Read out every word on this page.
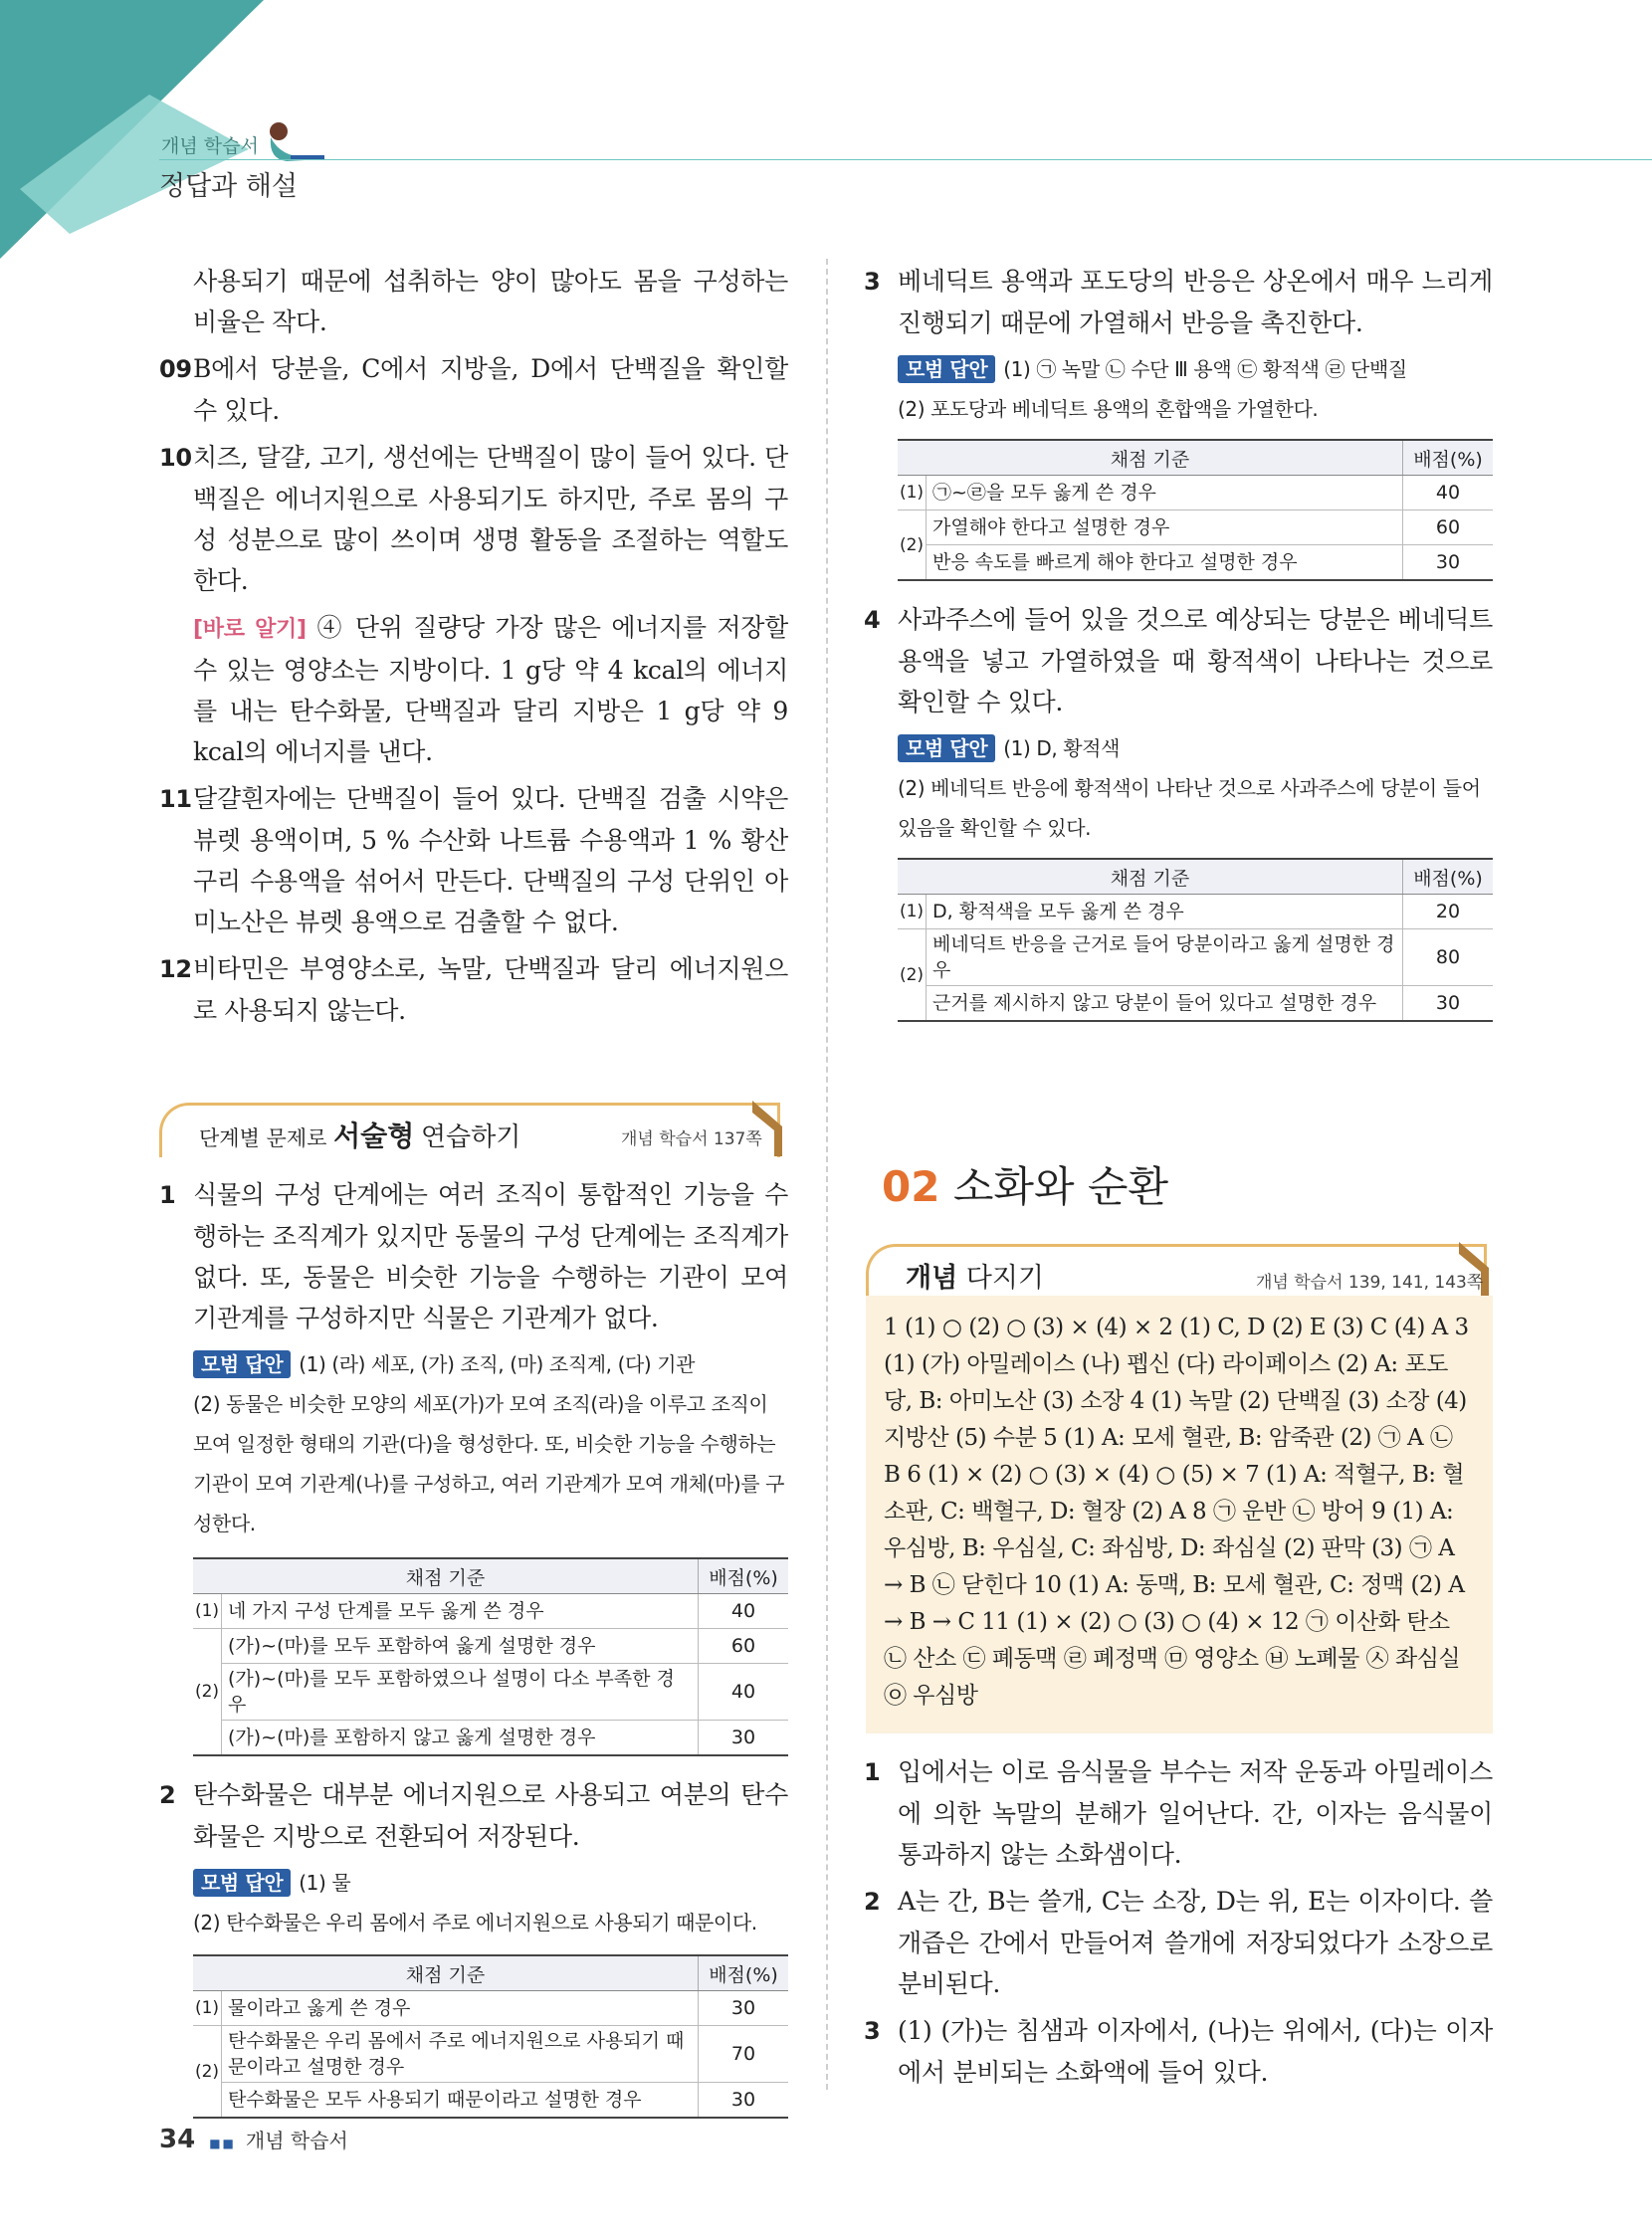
개념 학습서
정답과 해설

사용되기 때문에 섭취하는 양이 많아도 몸을 구성하는 비율은 작다.

09B에서 당분을, C에서 지방을, D에서 단백질을 확인할 수 있다.

10치즈, 달걀, 고기, 생선에는 단백질이 많이 들어 있다. 단백질은 에너지원으로 사용되기도 하지만, 주로 몸의 구성 성분으로 많이 쓰이며 생명 활동을 조절하는 역할도 한다.

[바로 알기] ④ 단위 질량당 가장 많은 에너지를 저장할 수 있는 영양소는 지방이다. 1 g당 약 4 kcal의 에너지를 내는 탄수화물, 단백질과 달리 지방은 1 g당 약 9 kcal의 에너지를 낸다.

11달걀흰자에는 단백질이 들어 있다. 단백질 검출 시약은 뷰렛 용액이며, 5 % 수산화 나트륨 수용액과 1 % 황산 구리 수용액을 섞어서 만든다. 단백질의 구성 단위인 아미노산은 뷰렛 용액으로 검출할 수 없다.

12비타민은 부영양소로, 녹말, 단백질과 달리 에너지원으로 사용되지 않는다.

단계별 문제로 서술형 연습하기	개념 학습서 137쪽

1 식물의 구성 단계에는 여러 조직이 통합적인 기능을 수행하는 조직계가 있지만 동물의 구성 단계에는 조직계가 없다. 또, 동물은 비슷한 기능을 수행하는 기관이 모여 기관계를 구성하지만 식물은 기관계가 없다.

모범 답안 (1) (라) 세포, (가) 조직, (마) 조직계, (다) 기관

(2) 동물은 비슷한 모양의 세포(가)가 모여 조직(라)을 이루고 조직이 모여 일정한 형태의 기관(다)을 형성한다. 또, 비슷한 기능을 수행하는 기관이 모여 기관계(나)를 구성하고, 여러 기관계가 모여 개체(마)를 구성한다.

채점 기준		배점(%)
(1)	네 가지 구성 단계를 모두 옳게 쓴 경우	40
(2)	(가)~(마)를 모두 포함하여 옳게 설명한 경우	60
	(가)~(마)를 모두 포함하였으나 설명이 다소 부족한 경우	40
	(가)~(마)를 포함하지 않고 옳게 설명한 경우	30

2 탄수화물은 대부분 에너지원으로 사용되고 여분의 탄수화물은 지방으로 전환되어 저장된다.

모범 답안 (1) 물

(2) 탄수화물은 우리 몸에서 주로 에너지원으로 사용되기 때문이다.

채점 기준		배점(%)
(1)	물이라고 옳게 쓴 경우	30
(2)	탄수화물은 우리 몸에서 주로 에너지원으로 사용되기 때문이라고 설명한 경우	70
	탄수화물은 모두 사용되기 때문이라고 설명한 경우	30

3 베네딕트 용액과 포도당의 반응은 상온에서 매우 느리게 진행되기 때문에 가열해서 반응을 촉진한다.

모범 답안 (1) ㉠ 녹말 ㉡ 수단 Ⅲ 용액 ㉢ 황적색 ㉣ 단백질

(2) 포도당과 베네딕트 용액의 혼합액을 가열한다.

채점 기준		배점(%)
(1)	㉠~㉣을 모두 옳게 쓴 경우	40
(2)	가열해야 한다고 설명한 경우	60
	반응 속도를 빠르게 해야 한다고 설명한 경우	30

4 사과주스에 들어 있을 것으로 예상되는 당분은 베네딕트 용액을 넣고 가열하였을 때 황적색이 나타나는 것으로 확인할 수 있다.

모범 답안 (1) D, 황적색

(2) 베네딕트 반응에 황적색이 나타난 것으로 사과주스에 당분이 들어 있음을 확인할 수 있다.

채점 기준		배점(%)
(1)	D, 황적색을 모두 옳게 쓴 경우	20
(2)	베네딕트 반응을 근거로 들어 당분이라고 옳게 설명한 경우	80
	근거를 제시하지 않고 당분이 들어 있다고 설명한 경우	30
02 소화와 순환
개념 다지기	개념 학습서 139, 141, 143쪽
1 (1) ○ (2) ○ (3) × (4) × 2 (1) C, D (2) E (3) C (4) A 3 (1) (가) 아밀레이스 (나) 펩신 (다) 라이페이스 (2) A: 포도당, B: 아미노산 (3) 소장 4 (1) 녹말 (2) 단백질 (3) 소장 (4) 지방산 (5) 수분 5 (1) A: 모세 혈관, B: 암죽관 (2) ㉠ A ㉡ B 6 (1) × (2) ○ (3) × (4) ○ (5) × 7 (1) A: 적혈구, B: 혈소판, C: 백혈구, D: 혈장 (2) A 8 ㉠ 운반 ㉡ 방어 9 (1) A: 우심방, B: 우심실, C: 좌심방, D: 좌심실 (2) 판막 (3) ㉠ A → B ㉡ 닫힌다 10 (1) A: 동맥, B: 모세 혈관, C: 정맥 (2) A → B → C 11 (1) × (2) ○ (3) ○ (4) × 12 ㉠ 이산화 탄소 ㉡ 산소 ㉢ 폐동맥 ㉣ 폐정맥 ㉤ 영양소 ㉥ 노폐물 ㉦ 좌심실 ㉧ 우심방

1 입에서는 이로 음식물을 부수는 저작 운동과 아밀레이스에 의한 녹말의 분해가 일어난다. 간, 이자는 음식물이 통과하지 않는 소화샘이다.

2 A는 간, B는 쓸개, C는 소장, D는 위, E는 이자이다. 쓸개즙은 간에서 만들어져 쓸개에 저장되었다가 소장으로 분비된다.

3 (1) (가)는 침샘과 이자에서, (나)는 위에서, (다)는 이자에서 분비되는 소화액에 들어 있다.

34 ■■ 개념 학습서
